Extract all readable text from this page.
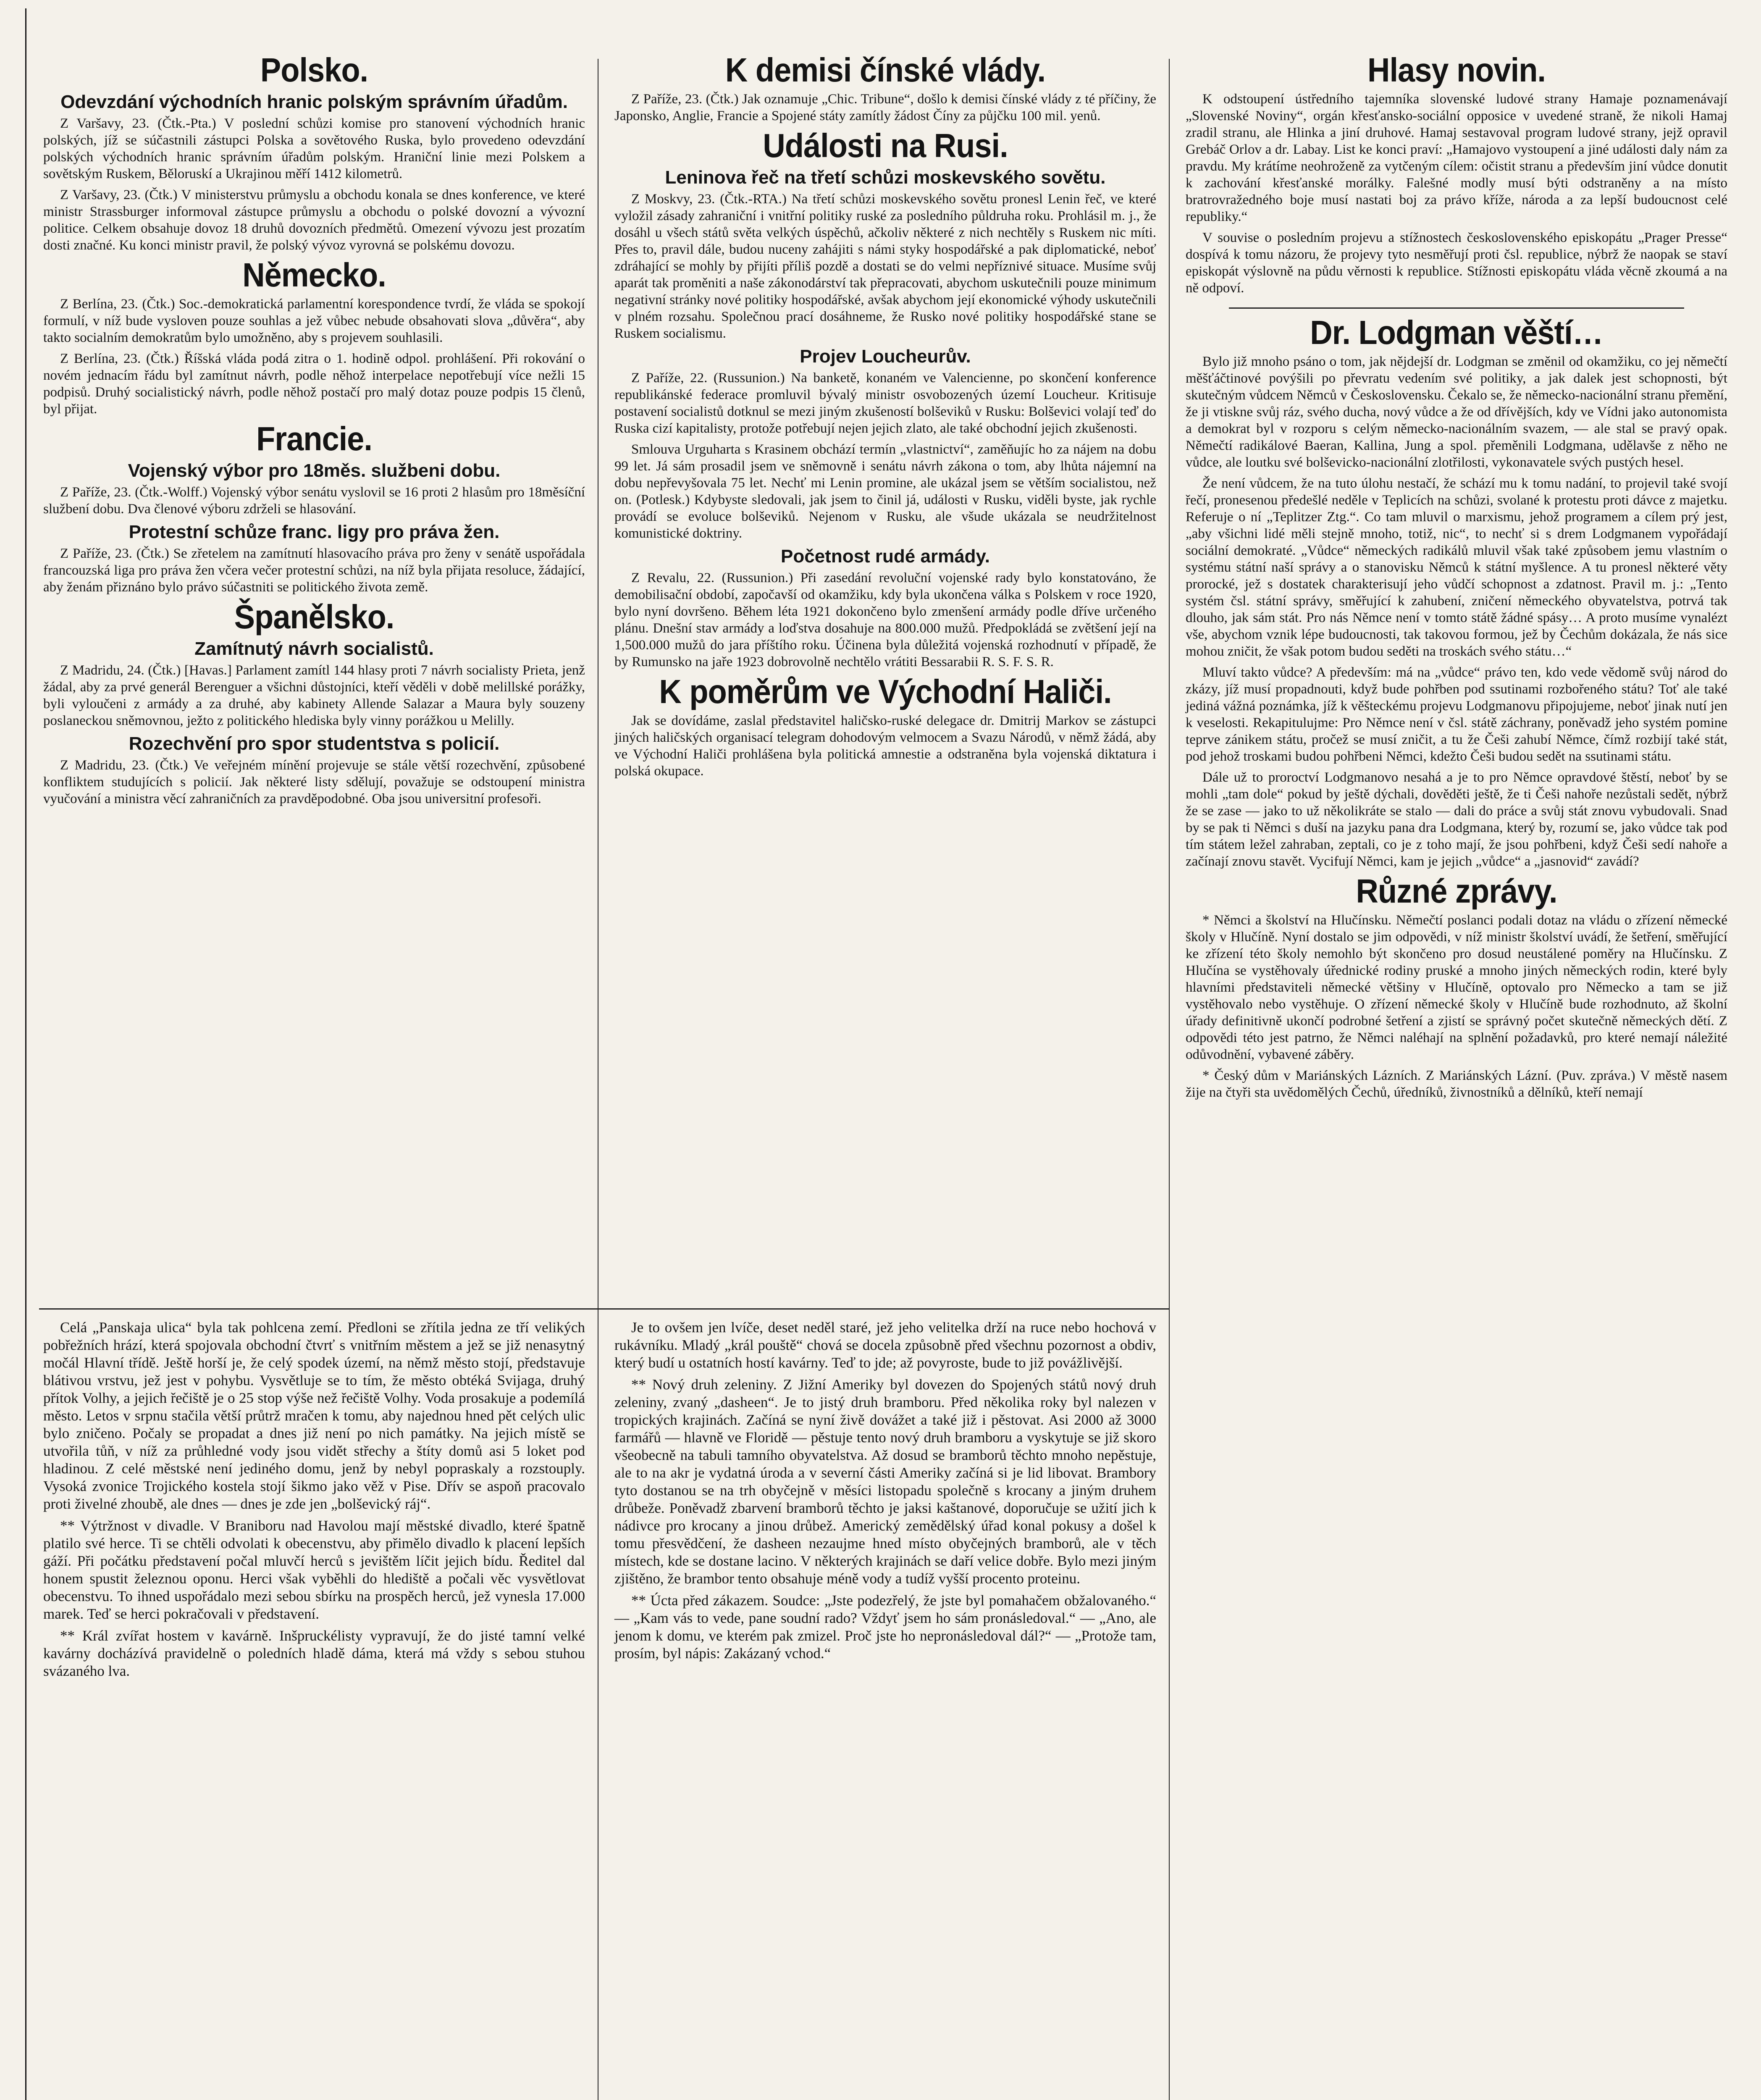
Polsko.
Odevzdání východních hranic polským správním úřadům.

Z Varšavy, 23. (Čtk.-Pta.) V poslední schůzi komise pro stanovení východních hranic polských, jíž se súčastnili zástupci Polska a sovětového Ruska, bylo provedeno odevzdání polských východních hranic správním úřadům polským. Hraniční linie mezi Polskem a sovětským Ruskem, Běloruskí a Ukrajinou měří 1412 kilometrů.

Z Varšavy, 23. (Čtk.) V ministerstvu průmyslu a obchodu konala se dnes konference, ve které ministr Strassburger informoval zástupce průmyslu a obchodu o polské dovozní a vývozní politice. Celkem obsahuje dovoz 18 druhů dovozních předmětů. Omezení vývozu jest prozatím dosti značné. Ku konci ministr pravil, že polský vývoz vyrovná se polskému dovozu.

Německo.

Z Berlína, 23. (Čtk.) Soc.-demokratická parlamentní korespondence tvrdí, že vláda se spokojí formulí, v níž bude vysloven pouze souhlas a jež vůbec nebude obsahovati slova „důvěra“, aby takto socialním demokratům bylo umožněno, aby s projevem souhlasili.

Z Berlína, 23. (Čtk.) Říšská vláda podá zitra o 1. hodině odpol. prohlášení. Při rokování o novém jednacím řádu byl zamítnut návrh, podle něhož interpelace nepotřebují více nežli 15 podpisů. Druhý socialistický návrh, podle něhož postačí pro malý dotaz pouze podpis 15 členů, byl přijat.

Francie.
Vojenský výbor pro 18měs. službeni dobu.

Z Paříže, 23. (Čtk.-Wolff.) Vojenský výbor senátu vyslovil se 16 proti 2 hlasům pro 18měsíční službení dobu. Dva členové výboru zdrželi se hlasování.

Protestní schůze franc. ligy pro práva žen.

Z Paříže, 23. (Čtk.) Se zřetelem na zamítnutí hlasovacího práva pro ženy v senátě uspořádala francouzská liga pro práva žen včera večer protestní schůzi, na níž byla přijata resoluce, žádající, aby ženám přiznáno bylo právo súčastniti se politického života země.

Španělsko.
Zamítnutý návrh socialistů.

Z Madridu, 24. (Čtk.) [Havas.] Parlament zamítl 144 hlasy proti 7 návrh socialisty Prieta, jenž žádal, aby za prvé generál Berenguer a všichni důstojníci, kteří věděli v době melillské porážky, byli vyloučeni z armády a za druhé, aby kabinety Allende Salazar a Maura byly souzeny poslaneckou sněmovnou, ježto z politického hlediska byly vinny porážkou u Melilly.

Rozechvění pro spor studentstva s policií.

Z Madridu, 23. (Čtk.) Ve veřejném mínění projevuje se stále větší rozechvění, způsobené konfliktem studujících s policií. Jak některé listy sdělují, považuje se odstoupení ministra vyučování a ministra věcí zahraničních za pravděpodobné. Oba jsou universitní profesoři.

K demisi čínské vlády.

Z Paříže, 23. (Čtk.) Jak oznamuje „Chic. Tribune“, došlo k demisi čínské vlády z té příčiny, že Japonsko, Anglie, Francie a Spojené státy zamítly žádost Číny za půjčku 100 mil. yenů.

Události na Rusi.
Leninova řeč na třetí schůzi moskevského sovětu.

Z Moskvy, 23. (Čtk.-RTA.) Na třetí schůzi moskevského sovětu pronesl Lenin řeč, ve které vyložil zásady zahraniční i vnitřní politiky ruské za posledního půldruha roku. Prohlásil m. j., že dosáhl u všech států světa velkých úspěchů, ačkoliv některé z nich nechtěly s Ruskem nic míti. Přes to, pravil dále, budou nuceny zahájiti s námi styky hospodářské a pak diplomatické, neboť zdráhající se mohly by přijíti příliš pozdě a dostati se do velmi nepříznivé situace. Musíme svůj aparát tak proměniti a naše zákonodárství tak přepracovati, abychom uskutečnili pouze minimum negativní stránky nové politiky hospodářské, avšak abychom její ekonomické výhody uskutečnili v plném rozsahu. Společnou prací dosáhneme, že Rusko nové politiky hospodářské stane se Ruskem socialismu.

Projev Loucheurův.

Z Paříže, 22. (Russunion.) Na banketě, konaném ve Valencienne, po skončení konference republikánské federace promluvil bývalý ministr osvobozených území Loucheur. Kritisuje postavení socialistů dotknul se mezi jiným zkušeností bolševiků v Rusku: Bolševici volají teď do Ruska cizí kapitalisty, protože potřebují nejen jejich zlato, ale také obchodní jejich zkušenosti.

Smlouva Urguharta s Krasinem obchází termín „vlastnictví“, zaměňujíc ho za nájem na dobu 99 let. Já sám prosadil jsem ve sněmovně i senátu návrh zákona o tom, aby lhůta nájemní na dobu nepřevyšovala 75 let. Nechť mi Lenin promine, ale ukázal jsem se větším socialistou, než on. (Potlesk.) Kdybyste sledovali, jak jsem to činil já, události v Rusku, viděli byste, jak rychle provádí se evoluce bolševiků. Nejenom v Rusku, ale všude ukázala se neudržitelnost komunistické doktriny.

Početnost rudé armády.

Z Revalu, 22. (Russunion.) Při zasedání revoluční vojenské rady bylo konstatováno, že demobilisační období, započavší od okamžiku, kdy byla ukončena válka s Polskem v roce 1920, bylo nyní dovršeno. Během léta 1921 dokončeno bylo zmenšení armády podle dříve určeného plánu. Dnešní stav armády a loďstva dosahuje na 800.000 mužů. Předpokládá se zvětšení její na 1,500.000 mužů do jara příštího roku. Účinena byla důležitá vojenská rozhodnutí v případě, že by Rumunsko na jaře 1923 dobrovolně nechtělo vrátiti Bessarabii R. S. F. S. R.

K poměrům ve Východní Haliči.

Jak se dovídáme, zaslal představitel haličsko-ruské delegace dr. Dmitrij Markov se zástupci jiných haličských organisací telegram dohodovým velmocem a Svazu Národů, v němž žádá, aby ve Východní Haliči prohlášena byla politická amnestie a odstraněna byla vojenská diktatura i polská okupace.

Hlasy novin.

K odstoupení ústředního tajemníka slovenské ludové strany Hamaje poznamenávají „Slovenské Noviny“, orgán křesťansko-sociální opposice v uvedené straně, že nikoli Hamaj zradil stranu, ale Hlinka a jiní druhové. Hamaj sestavoval program ludové strany, jejž opravil Grebáč Orlov a dr. Labay. List ke konci praví: „Hamajovo vystoupení a jiné události daly nám za pravdu. My krátíme neohroženě za vytčeným cílem: očistit stranu a především jiní vůdce donutit k zachování křesťanské morálky. Falešné modly musí býti odstraněny a na místo bratrovražedného boje musí nastati boj za právo kříže, národa a za lepší budoucnost celé republiky.“

V souvise o posledním projevu a stížnostech československého episkopátu „Prager Presse“ dospívá k tomu názoru, že projevy tyto nesměřují proti čsl. republice, nýbrž že naopak se staví episkopát výslovně na půdu věrnosti k republice. Stížnosti episkopátu vláda věcně zkoumá a na ně odpoví.

Dr. Lodgman věští…

Bylo již mnoho psáno o tom, jak nějdejší dr. Lodgman se změnil od okamžiku, co jej němečtí měšťáčtinové povýšili po převratu vedením své politiky, a jak dalek jest schopnosti, být skutečným vůdcem Němců v Československu. Čekalo se, že německo-nacionální stranu přemění, že ji vtiskne svůj ráz, svého ducha, nový vůdce a že od dřívějších, kdy ve Vídni jako autonomista a demokrat byl v rozporu s celým německo-nacionálním svazem, — ale stal se pravý opak. Němečtí radikálové Baeran, Kallina, Jung a spol. přeměnili Lodgmana, udělavše z něho ne vůdce, ale loutku své bolševicko-nacionální zlotřilosti, vykonavatele svých pustých hesel.

Že není vůdcem, že na tuto úlohu nestačí, že schází mu k tomu nadání, to projevil také svojí řečí, pronesenou předešlé neděle v Teplicích na schůzi, svolané k protestu proti dávce z majetku. Referuje o ní „Teplitzer Ztg.“. Co tam mluvil o marxismu, jehož programem a cílem prý jest, „aby všichni lidé měli stejně mnoho, totiž, nic“, to nechť si s drem Lodgmanem vypořádají sociální demokraté. „Vůdce“ německých radikálů mluvil však také způsobem jemu vlastním o systému státní naší správy a o stanovisku Němců k státní myšlence. A tu pronesl některé věty prorocké, jež s dostatek charakterisují jeho vůdčí schopnost a zdatnost. Pravil m. j.: „Tento systém čsl. státní správy, směřující k zahubení, zničení německého obyvatelstva, potrvá tak dlouho, jak sám stát. Pro nás Němce není v tomto státě žádné spásy… A proto musíme vynalézt vše, abychom vznik lépe budoucnosti, tak takovou formou, jež by Čechům dokázala, že nás sice mohou zničit, že však potom budou seděti na troskách svého státu…“

Mluví takto vůdce? A především: má na „vůdce“ právo ten, kdo vede vědomě svůj národ do zkázy, jíž musí propadnouti, když bude pohřben pod ssutinami rozbořeného státu? Toť ale také jediná vážná poznámka, jíž k věšteckému projevu Lodgmanovu připojujeme, neboť jinak nutí jen k veselosti. Rekapitulujme: Pro Němce není v čsl. státě záchrany, poněvadž jeho systém pomine teprve zánikem státu, pročež se musí zničit, a tu že Češi zahubí Němce, čímž rozbijí také stát, pod jehož troskami budou pohřbeni Němci, kdežto Češi budou sedět na ssutinami státu.

Dále už to proroctví Lodgmanovo nesahá a je to pro Němce opravdové štěstí, neboť by se mohli „tam dole“ pokud by ještě dýchali, dověděti ještě, že ti Češi nahoře nezůstali sedět, nýbrž že se zase — jako to už několikráte se stalo — dali do práce a svůj stát znovu vybudovali. Snad by se pak ti Němci s duší na jazyku pana dra Lodgmana, který by, rozumí se, jako vůdce tak pod tím státem ležel zahraban, zeptali, co je z toho mají, že jsou pohřbeni, když Češi sedí nahoře a začínají znovu stavět. Vycifují Němci, kam je jejich „vůdce“ a „jasnovid“ zavádí?

Různé zprávy.

* Němci a školství na Hlučínsku. Němečtí poslanci podali dotaz na vládu o zřízení německé školy v Hlučíně. Nyní dostalo se jim odpovědi, v níž ministr školství uvádí, že šetření, směřující ke zřízení této školy nemohlo být skončeno pro dosud neustálené poměry na Hlučínsku. Z Hlučína se vystěhovaly úřednické rodiny pruské a mnoho jiných německých rodin, které byly hlavními představiteli německé většiny v Hlučíně, optovalo pro Německo a tam se již vystěhovalo nebo vystěhuje. O zřízení německé školy v Hlučíně bude rozhodnuto, až školní úřady definitivně ukončí podrobné šetření a zjistí se správný počet skutečně německých dětí. Z odpovědi této jest patrno, že Němci naléhají na splnění požadavků, pro které nemají náležité odůvodnění, vybavené záběry.

* Český dům v Mariánských Lázních. Z Mariánských Lázní. (Puv. zpráva.) V městě nasem žije na čtyři sta uvědomělých Čechů, úředníků, živnostníků a dělníků, kteří nemají

Celá „Panskaja ulica“ byla tak pohlcena zemí. Předloni se zřítila jedna ze tří velikých pobřežních hrází, která spojovala obchodní čtvrť s vnitřním městem a jež se již nenasytný močál Hlavní třídě. Ještě horší je, že celý spodek území, na němž město stojí, představuje blátivou vrstvu, jež jest v pohybu. Vysvětluje se to tím, že město obtéká Svijaga, druhý přítok Volhy, a jejich řečiště je o 25 stop výše než řečiště Volhy. Voda prosakuje a podemílá město. Letos v srpnu stačila větší průtrž mračen k tomu, aby najednou hned pět celých ulic bylo zničeno. Počaly se propadat a dnes již není po nich památky. Na jejich místě se utvořila tůň, v níž za průhledné vody jsou vidět střechy a štíty domů asi 5 loket pod hladinou. Z celé městské není jediného domu, jenž by nebyl popraskaly a rozstouply. Vysoká zvonice Trojického kostela stojí šikmo jako věž v Pise. Dřív se aspoň pracovalo proti živelné zhoubě, ale dnes — dnes je zde jen „bolševický ráj“.

** Výtržnost v divadle. V Braniboru nad Havolou mají městské divadlo, které špatně platilo své herce. Ti se chtěli odvolati k obecenstvu, aby přimělo divadlo k placení lepších gáží. Při počátku představení počal mluvčí herců s jevištěm líčit jejich bídu. Ředitel dal honem spustit železnou oponu. Herci však vyběhli do hlediště a počali věc vysvětlovat obecenstvu. To ihned uspořádalo mezi sebou sbírku na prospěch herců, jež vynesla 17.000 marek. Teď se herci pokračovali v představení.

** Král zvířat hostem v kavárně. Inšpruckélisty vypravují, že do jisté tamní velké kavárny docházívá pravidelně o poledních hladě dáma, která má vždy s sebou stuhou svázaného lva.

Je to ovšem jen lvíče, deset neděl staré, jež jeho velitelka drží na ruce nebo hochová v rukávníku. Mladý „král pouště“ chová se docela způsobně před všechnu pozornost a obdiv, který budí u ostatních hostí kavárny. Teď to jde; až povyroste, bude to již povážlivější.

** Nový druh zeleniny. Z Jižní Ameriky byl dovezen do Spojených států nový druh zeleniny, zvaný „dasheen“. Je to jistý druh bramboru. Před několika roky byl nalezen v tropických krajinách. Začíná se nyní živě dovážet a také již i pěstovat. Asi 2000 až 3000 farmářů — hlavně ve Floridě — pěstuje tento nový druh bramboru a vyskytuje se již skoro všeobecně na tabuli tamního obyvatelstva. Až dosud se bramborů těchto mnoho nepěstuje, ale to na akr je vydatná úroda a v severní části Ameriky začíná si je lid libovat. Brambory tyto dostanou se na trh obyčejně v měsíci listopadu společně s krocany a jiným druhem drůbeže. Poněvadž zbarvení bramborů těchto je jaksi kaštanové, doporučuje se užití jich k nádivce pro krocany a jinou drůbež. Americký zemědělský úřad konal pokusy a došel k tomu přesvědčení, že dasheen nezaujme hned místo obyčejných bramborů, ale v těch místech, kde se dostane lacino. V některých krajinách se daří velice dobře. Bylo mezi jiným zjištěno, že brambor tento obsahuje méně vody a tudíž vyšší procento proteinu.

** Úcta před zákazem. Soudce: „Jste podezřelý, že jste byl pomahačem obžalovaného.“ — „Kam vás to vede, pane soudní rado? Vždyť jsem ho sám pronásledoval.“ — „Ano, ale jenom k domu, ve kterém pak zmizel. Proč jste ho nepronásledoval dál?“ — „Protože tam, prosím, byl nápis: Zakázaný vchod.“
